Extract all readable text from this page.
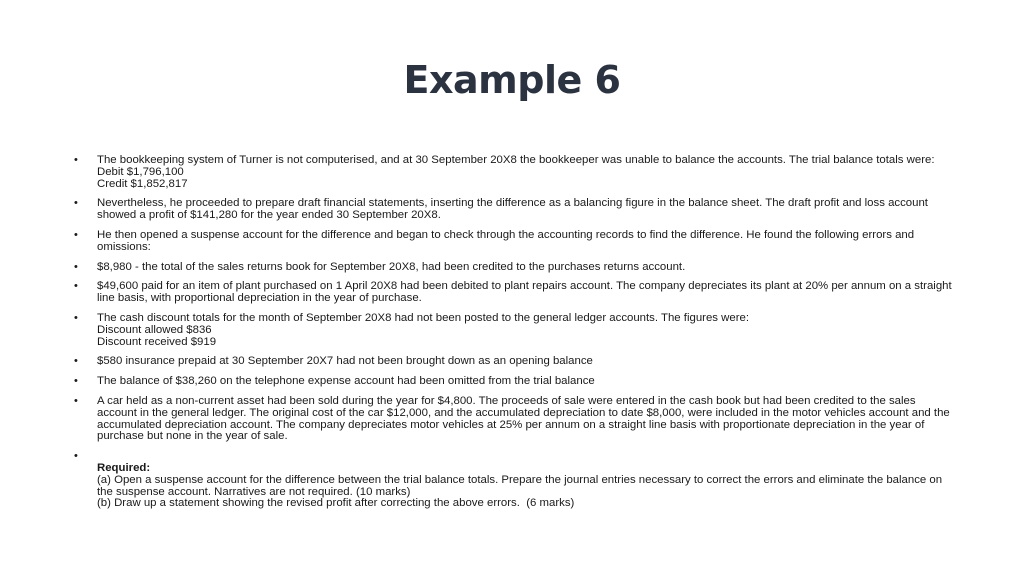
Example 6
• The bookkeeping system of Turner is not computerised, and at 30 September 20X8 the bookkeeper was unable to balance the accounts. The trial balance totals were:
Debit $1,796,100
Credit $1,852,817
• Nevertheless, he proceeded to prepare draft financial statements, inserting the difference as a balancing figure in the balance sheet. The draft profit and loss account showed a profit of $141,280 for the year ended 30 September 20X8.
• He then opened a suspense account for the difference and began to check through the accounting records to find the difference. He found the following errors and omissions:
• $8,980 - the total of the sales returns book for September 20X8, had been credited to the purchases returns account.
• $49,600 paid for an item of plant purchased on 1 April 20X8 had been debited to plant repairs account. The company depreciates its plant at 20% per annum on a straight line basis, with proportional depreciation in the year of purchase.
• The cash discount totals for the month of September 20X8 had not been posted to the general ledger accounts. The figures were:
Discount allowed $836
Discount received $919
• $580 insurance prepaid at 30 September 20X7 had not been brought down as an opening balance
• The balance of $38,260 on the telephone expense account had been omitted from the trial balance
• A car held as a non-current asset had been sold during the year for $4,800. The proceeds of sale were entered in the cash book but had been credited to the sales account in the general ledger. The original cost of the car $12,000, and the accumulated depreciation to date $8,000, were included in the motor vehicles account and the accumulated depreciation account. The company depreciates motor vehicles at 25% per annum on a straight line basis with proportionate depreciation in the year of purchase but none in the year of sale.
•

Required:
(a) Open a suspense account for the difference between the trial balance totals. Prepare the journal entries necessary to correct the errors and eliminate the balance on the suspense account. Narratives are not required. (10 marks)
(b) Draw up a statement showing the revised profit after correcting the above errors.  (6 marks)
